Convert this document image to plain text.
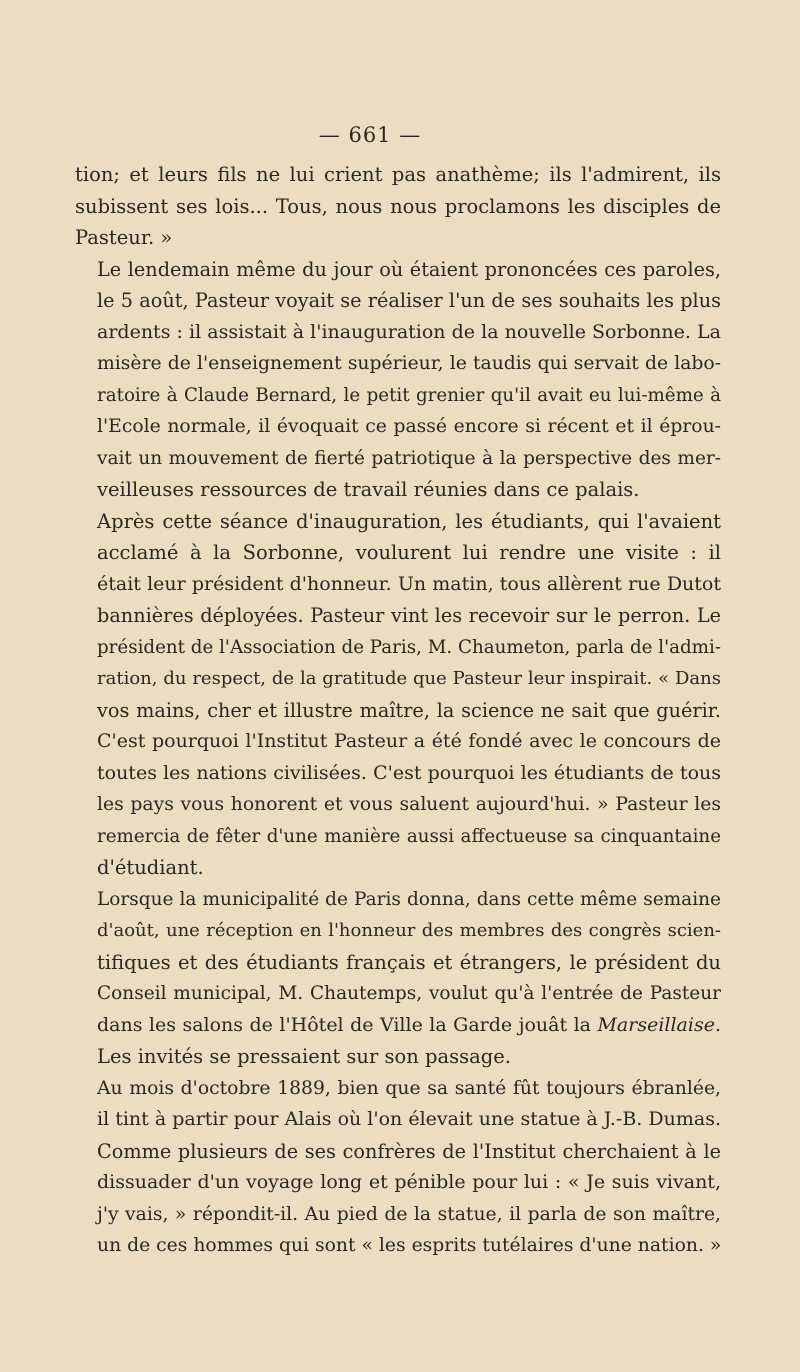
— 661 —

tion; et leurs fils ne lui crient pas anathème; ils l'admirent, ils
subissent ses lois... Tous, nous nous proclamons les disciples de
Pasteur. »

Le lendemain même du jour où étaient prononcées ces paroles,
le 5 août, Pasteur voyait se réaliser l'un de ses souhaits les plus
ardents : il assistait à l'inauguration de la nouvelle Sorbonne. La
misère de l'enseignement supérieur, le taudis qui servait de labo-
ratoire à Claude Bernard, le petit grenier qu'il avait eu lui-même à
l'Ecole normale, il évoquait ce passé encore si récent et il éprou-
vait un mouvement de fierté patriotique à la perspective des mer-
veilleuses ressources de travail réunies dans ce palais.

Après cette séance d'inauguration, les étudiants, qui l'avaient
acclamé à la Sorbonne, voulurent lui rendre une visite : il
était leur président d'honneur. Un matin, tous allèrent rue Dutot
bannières déployées. Pasteur vint les recevoir sur le perron. Le
président de l'Association de Paris, M. Chaumeton, parla de l'admi-
ration, du respect, de la gratitude que Pasteur leur inspirait. « Dans
vos mains, cher et illustre maître, la science ne sait que guérir.
C'est pourquoi l'Institut Pasteur a été fondé avec le concours de
toutes les nations civilisées. C'est pourquoi les étudiants de tous
les pays vous honorent et vous saluent aujourd'hui. » Pasteur les
remercia de fêter d'une manière aussi affectueuse sa cinquantaine
d'étudiant.

Lorsque la municipalité de Paris donna, dans cette même semaine
d'août, une réception en l'honneur des membres des congrès scien-
tifiques et des étudiants français et étrangers, le président du
Conseil municipal, M. Chautemps, voulut qu'à l'entrée de Pasteur
dans les salons de l'Hôtel de Ville la Garde jouât la Marseillaise.
Les invités se pressaient sur son passage.

Au mois d'octobre 1889, bien que sa santé fût toujours ébranlée,
il tint à partir pour Alais où l'on élevait une statue à J.-B. Dumas.
Comme plusieurs de ses confrères de l'Institut cherchaient à le
dissuader d'un voyage long et pénible pour lui : « Je suis vivant,
j'y vais, » répondit-il. Au pied de la statue, il parla de son maître,
un de ces hommes qui sont « les esprits tutélaires d'une nation. »
